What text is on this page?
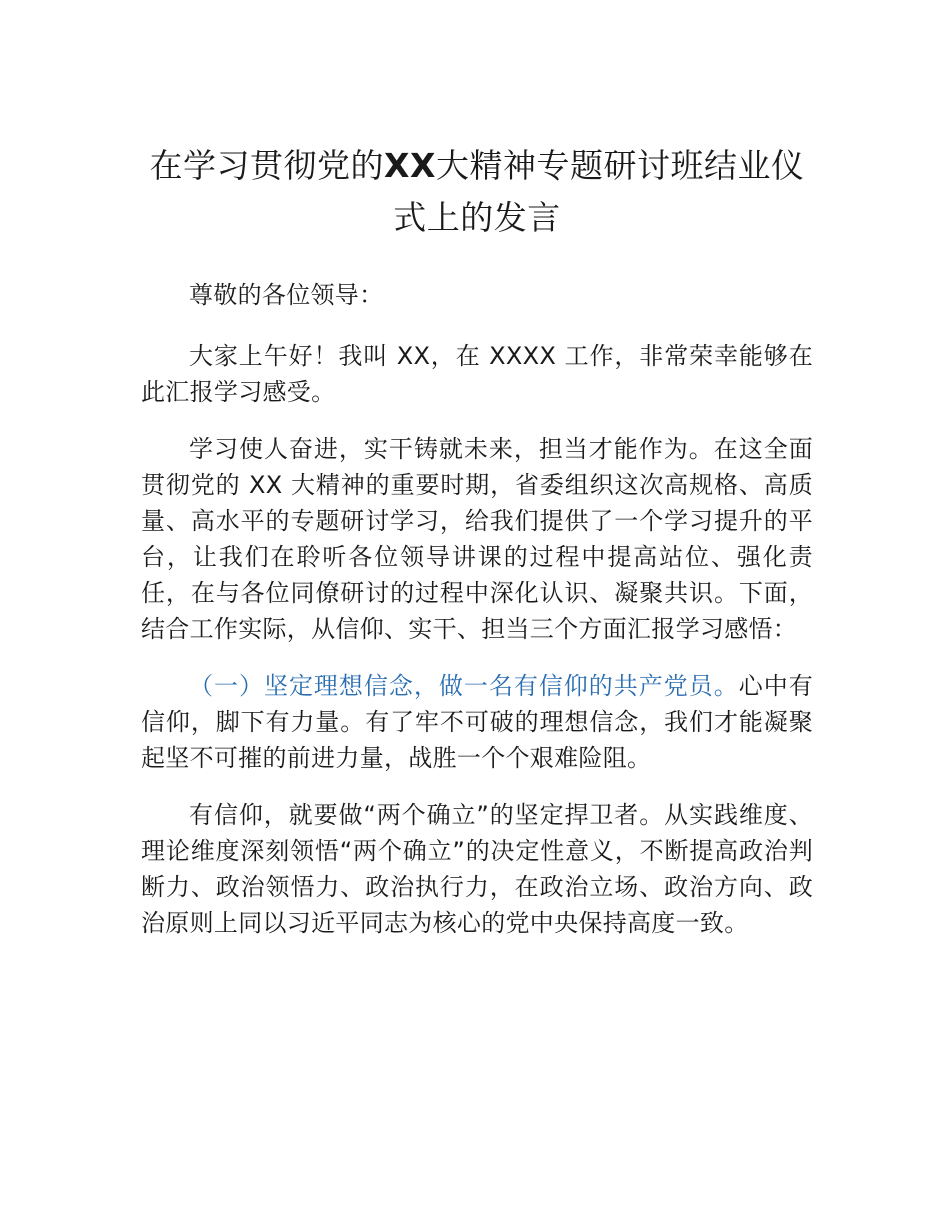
在学习贯彻党的XX大精神专题研讨班结业仪式上的发言

尊敬的各位领导：

大家上午好！我叫 XX，在 XXXX 工作，非常荣幸能够在此汇报学习感受。

学习使人奋进，实干铸就未来，担当才能作为。在这全面贯彻党的 XX 大精神的重要时期，省委组织这次高规格、高质量、高水平的专题研讨学习，给我们提供了一个学习提升的平台，让我们在聆听各位领导讲课的过程中提高站位、强化责任，在与各位同僚研讨的过程中深化认识、凝聚共识。下面，结合工作实际，从信仰、实干、担当三个方面汇报学习感悟：

（一）坚定理想信念，做一名有信仰的共产党员。心中有信仰，脚下有力量。有了牢不可破的理想信念，我们才能凝聚起坚不可摧的前进力量，战胜一个个艰难险阻。

有信仰，就要做“两个确立”的坚定捍卫者。从实践维度、理论维度深刻领悟“两个确立”的决定性意义，不断提高政治判断力、政治领悟力、政治执行力，在政治立场、政治方向、政治原则上同以习近平同志为核心的党中央保持高度一致。
